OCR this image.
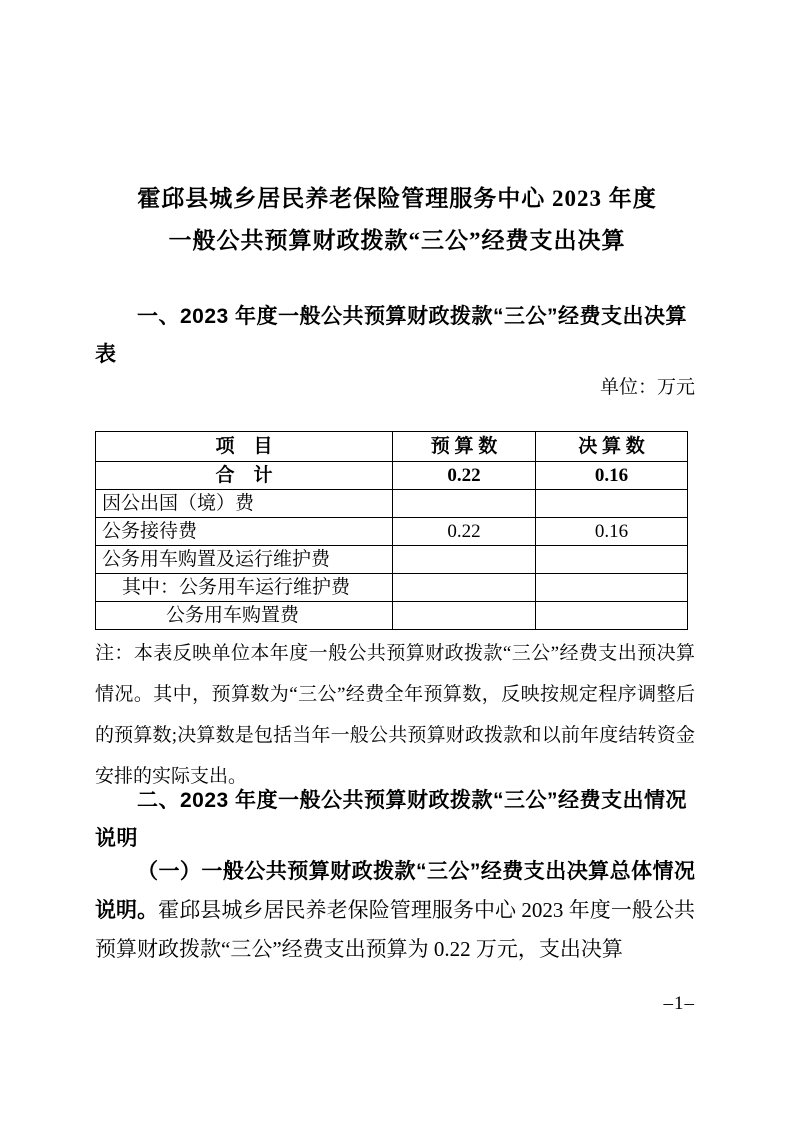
霍邱县城乡居民养老保险管理服务中心 2023 年度
一般公共预算财政拨款“三公”经费支出决算
一、2023 年度一般公共预算财政拨款“三公”经费支出决算
表
单位：万元
项　目	预 算 数	决 算 数
合　计	0.22	0.16
因公出国（境）费		
公务接待费	0.22	0.16
公务用车购置及运行维护费		
其中：公务用车运行维护费		
公务用车购置费		

注：本表反映单位本年度一般公共预算财政拨款“三公”经费支出预决算情况。其中，预算数为“三公”经费全年预算数，反映按规定程序调整后的预算数;决算数是包括当年一般公共预算财政拨款和以前年度结转资金安排的实际支出。

二、2023 年度一般公共预算财政拨款“三公”经费支出情况
说明

（一）一般公共预算财政拨款“三公”经费支出决算总体情况说明。霍邱县城乡居民养老保险管理服务中心 2023 年度一般公共预算财政拨款“三公”经费支出预算为 0.22 万元，支出决算

–1–
